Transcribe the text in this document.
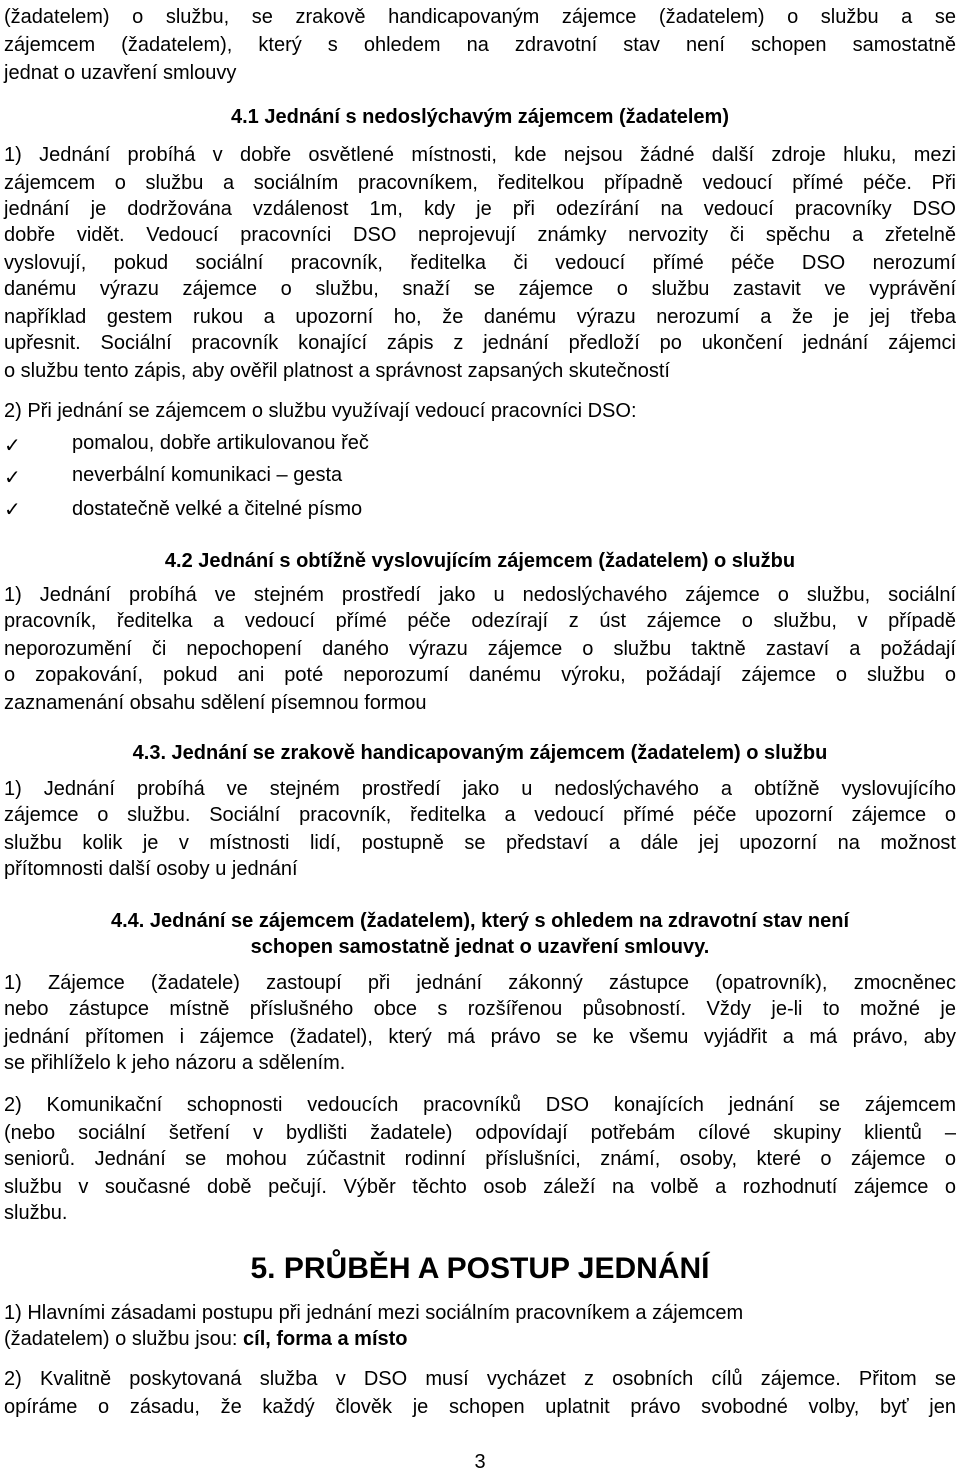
(žadatelem) o službu, se zrakově handicapovaným zájemce (žadatelem) o službu a se
zájemcem (žadatelem), který s ohledem na zdravotní stav není schopen samostatně
jednat o uzavření smlouvy
4.1 Jednání s nedoslýchavým zájemcem (žadatelem)
1) Jednání probíhá v dobře osvětlené místnosti, kde nejsou žádné další zdroje hluku, mezi
zájemcem o službu a sociálním pracovníkem, ředitelkou případně vedoucí přímé péče. Při
jednání je dodržována vzdálenost 1m, kdy je při odezírání na vedoucí pracovníky DSO
dobře vidět. Vedoucí pracovníci DSO neprojevují známky nervozity či spěchu a zřetelně
vyslovují, pokud sociální pracovník, ředitelka či vedoucí přímé péče DSO nerozumí
danému výrazu zájemce o službu, snaží se zájemce o službu zastavit ve vyprávění
například gestem rukou a upozorní ho, že danému výrazu nerozumí a že je jej třeba
upřesnit. Sociální pracovník konající zápis z jednání předloží po ukončení jednání zájemci
o službu tento zápis, aby ověřil platnost a správnost zapsaných skutečností
2) Při jednání se zájemcem o službu využívají vedoucí pracovníci DSO:
✓	pomalou, dobře artikulovanou řeč
✓	neverbální komunikaci – gesta
✓	dostatečně velké a čitelné písmo
4.2 Jednání s obtížně vyslovujícím zájemcem (žadatelem) o službu
1) Jednání probíhá ve stejném prostředí jako u nedoslýchavého zájemce o službu, sociální
pracovník, ředitelka a vedoucí přímé péče odezírají z úst zájemce o službu, v případě
neporozumění či nepochopení daného výrazu zájemce o službu taktně zastaví a požádají
o zopakování, pokud ani poté neporozumí danému výroku, požádají zájemce o službu o
zaznamenání obsahu sdělení písemnou formou
4.3. Jednání se zrakově handicapovaným zájemcem (žadatelem) o službu
1) Jednání probíhá ve stejném prostředí jako u nedoslýchavého a obtížně vyslovujícího
zájemce o službu. Sociální pracovník, ředitelka a vedoucí přímé péče upozorní zájemce o
službu kolik je v místnosti lidí, postupně se představí a dále jej upozorní na možnost
přítomnosti další osoby u jednání
4.4. Jednání se zájemcem (žadatelem), který s ohledem na zdravotní stav není
schopen samostatně jednat o uzavření smlouvy.
1) Zájemce (žadatele) zastoupí při jednání zákonný zástupce (opatrovník), zmocněnec
nebo zástupce místně příslušného obce s rozšířenou působností. Vždy je-li to možné je
jednání přítomen i zájemce (žadatel), který má právo se ke všemu vyjádřit a má právo, aby
se přihlíželo k jeho názoru a sdělením.
2) Komunikační schopnosti vedoucích pracovníků DSO konajících jednání se zájemcem
(nebo sociální šetření v bydlišti žadatele) odpovídají potřebám cílové skupiny klientů –
seniorů. Jednání se mohou zúčastnit rodinní příslušníci, známí, osoby, které o zájemce o
službu v současné době pečují. Výběr těchto osob záleží na volbě a rozhodnutí zájemce o
službu.
5. PRŮBĚH A POSTUP JEDNÁNÍ
1) Hlavními zásadami postupu při jednání mezi sociálním pracovníkem a zájemcem
(žadatelem) o službu jsou: cíl, forma a místo
2) Kvalitně poskytovaná služba v DSO musí vycházet z osobních cílů zájemce. Přitom se
opíráme o zásadu, že každý člověk je schopen uplatnit právo svobodné volby, byť jen
3
